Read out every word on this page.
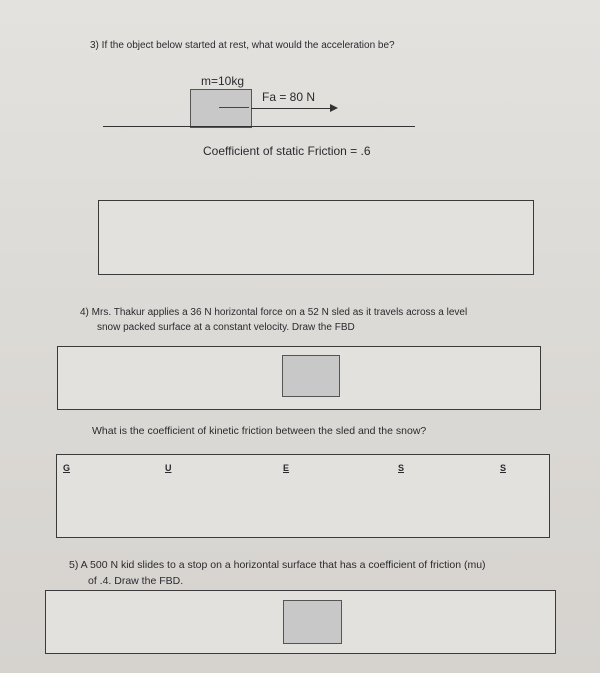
3) If the object below started at rest, what would the acceleration be?
m=10kg
Fa = 80 N
Coefficient of static Friction = .6
4) Mrs. Thakur applies a 36 N horizontal force on a 52 N sled as it travels across a level
snow packed surface at a constant velocity. Draw the FBD
What is the coefficient of kinetic friction between the sled and the snow?
G	U	E	S	S
5) A 500 N kid slides to a stop on a horizontal surface that has a coefficient of friction (mu)
of .4. Draw the FBD.
